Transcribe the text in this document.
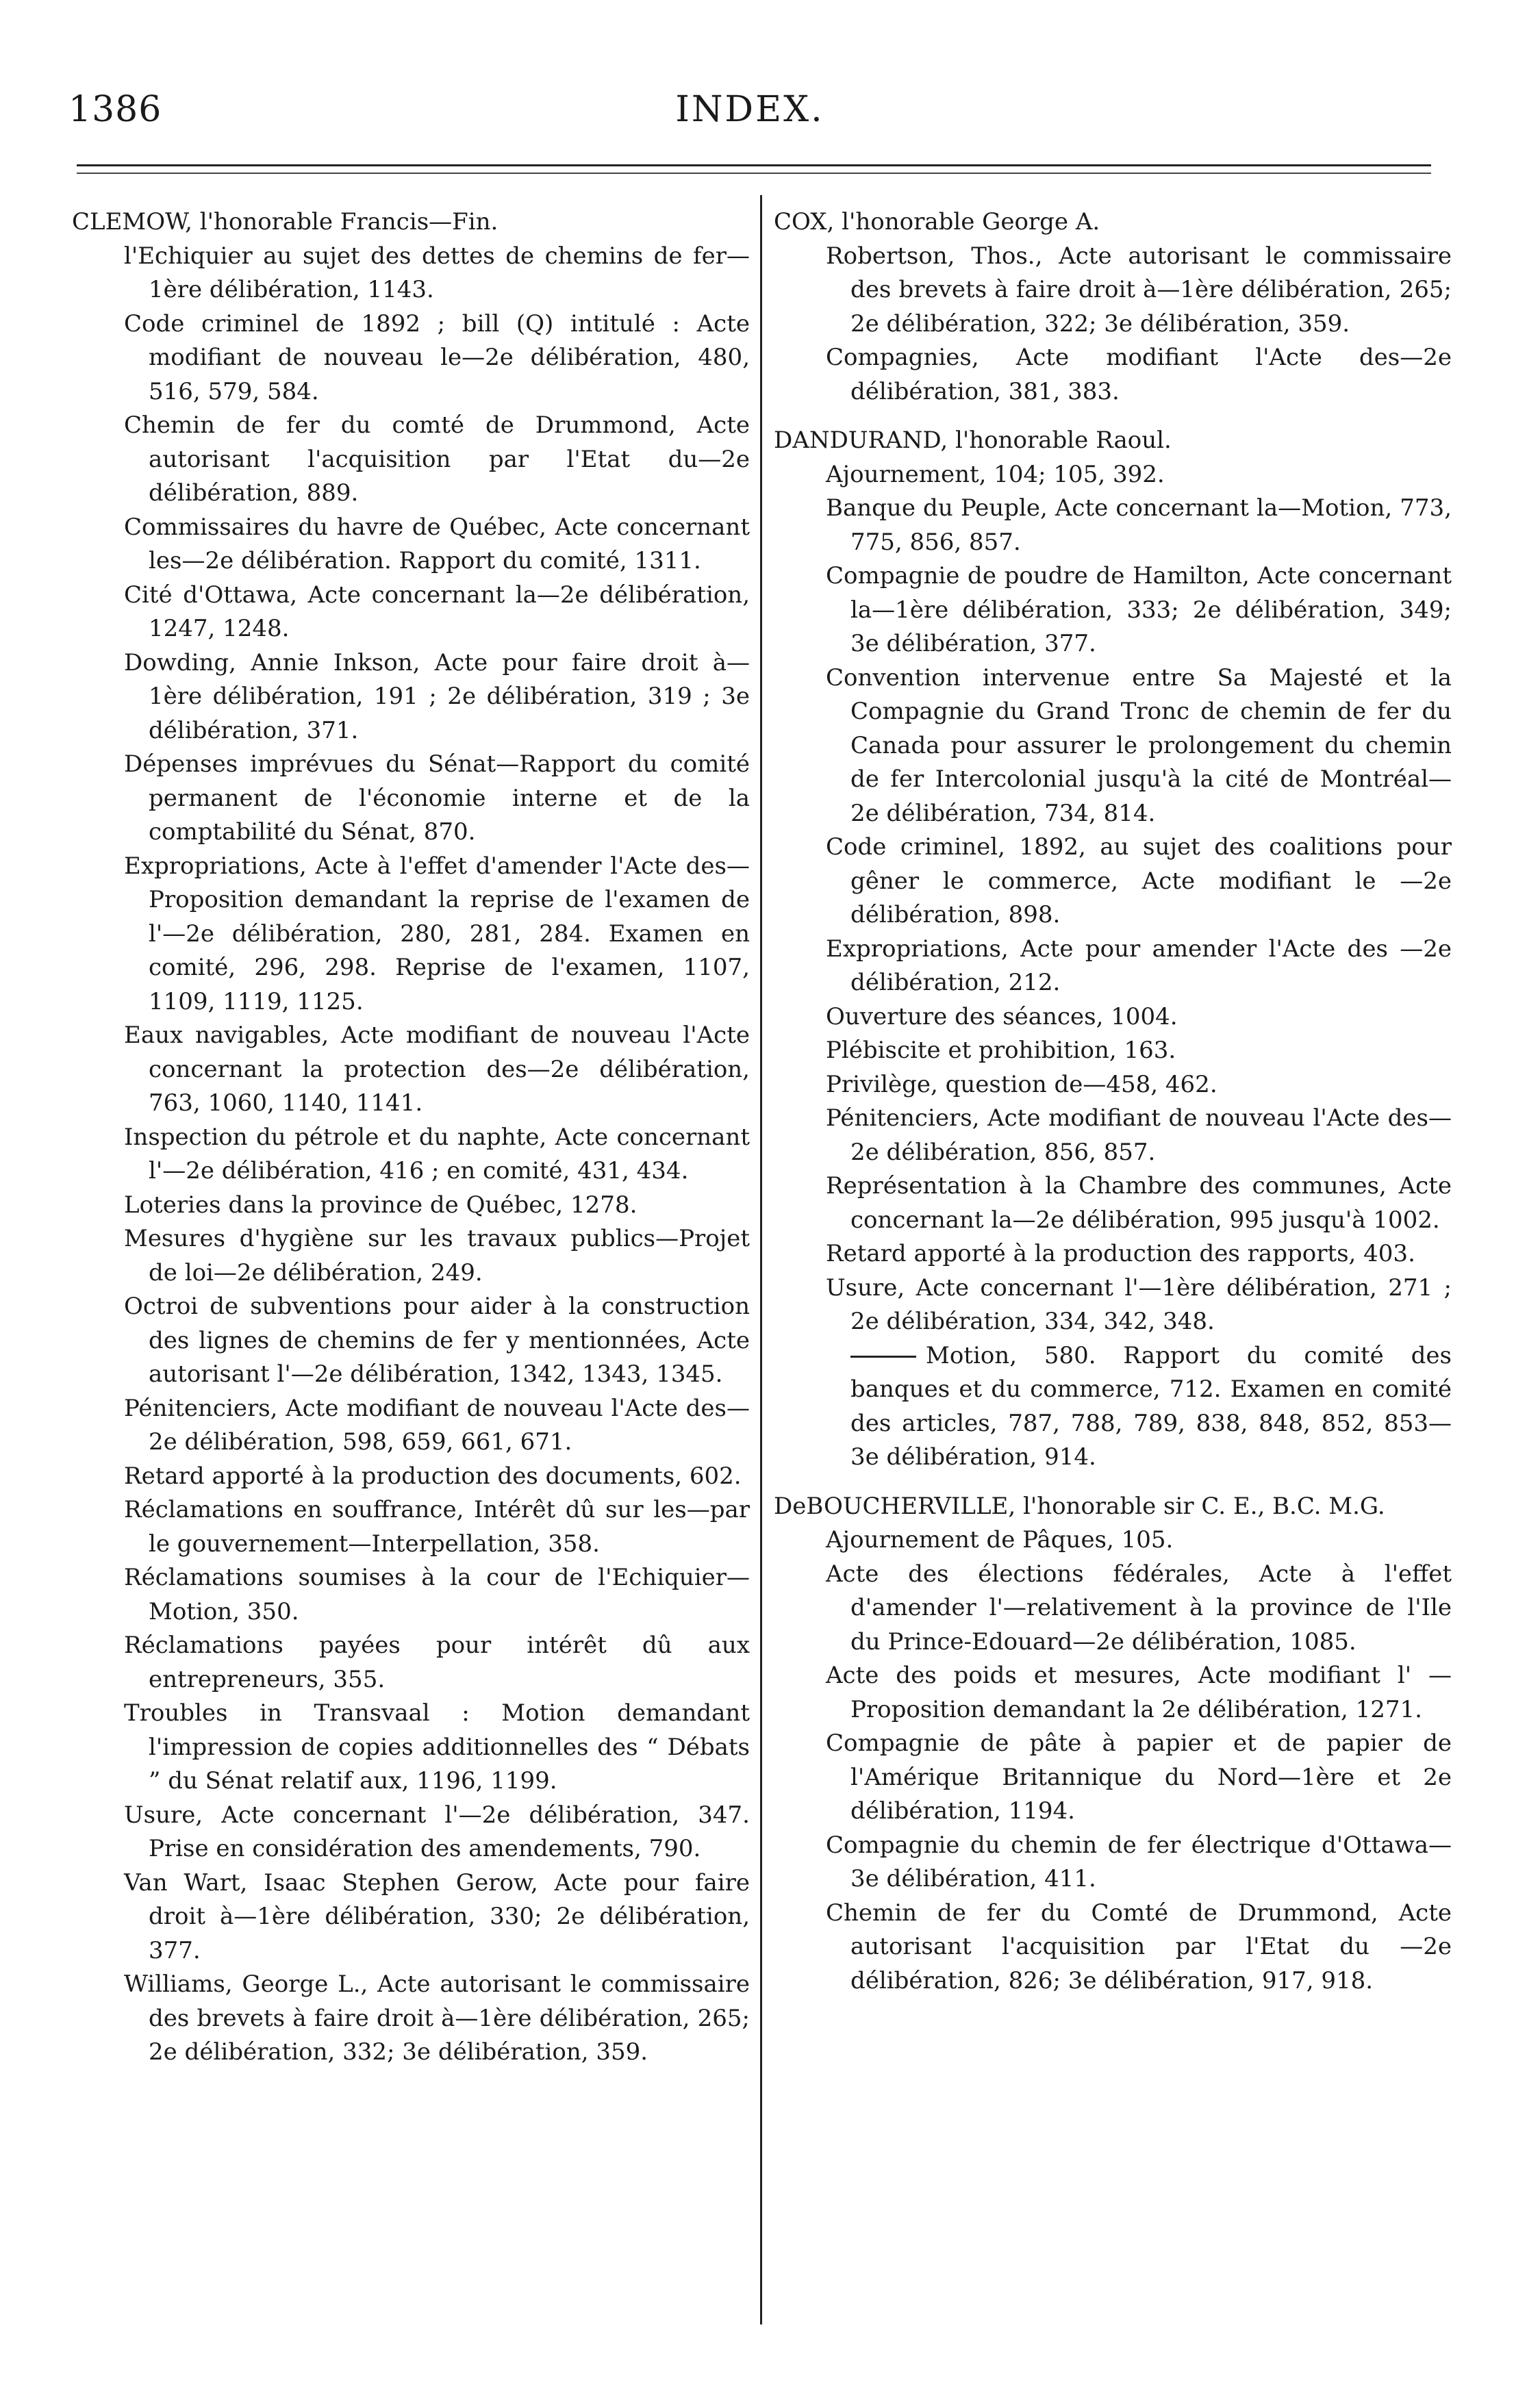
1386	INDEX.
CLEMOW, l'honorable Francis—Fin.
l'Echiquier au sujet des dettes de chemins de fer—1ère délibération, 1143.
Code criminel de 1892 ; bill (Q) intitulé : Acte modifiant de nouveau le—2e délibération, 480, 516, 579, 584.
Chemin de fer du comté de Drummond, Acte autorisant l'acquisition par l'Etat du—2e délibération, 889.
Commissaires du havre de Québec, Acte concernant les—2e délibération. Rapport du comité, 1311.
Cité d'Ottawa, Acte concernant la—2e délibération, 1247, 1248.
Dowding, Annie Inkson, Acte pour faire droit à—1ère délibération, 191 ; 2e délibération, 319 ; 3e délibération, 371.
Dépenses imprévues du Sénat—Rapport du comité permanent de l'économie interne et de la comptabilité du Sénat, 870.
Expropriations, Acte à l'effet d'amender l'Acte des—Proposition demandant la reprise de l'examen de l'—2e délibération, 280, 281, 284. Examen en comité, 296, 298. Reprise de l'examen, 1107, 1109, 1119, 1125.
Eaux navigables, Acte modifiant de nouveau l'Acte concernant la protection des—2e délibération, 763, 1060, 1140, 1141.
Inspection du pétrole et du naphte, Acte concernant l'—2e délibération, 416 ; en comité, 431, 434.
Loteries dans la province de Québec, 1278.
Mesures d'hygiène sur les travaux publics—Projet de loi—2e délibération, 249.
Octroi de subventions pour aider à la construction des lignes de chemins de fer y mentionnées, Acte autorisant l'—2e délibération, 1342, 1343, 1345.
Pénitenciers, Acte modifiant de nouveau l'Acte des—2e délibération, 598, 659, 661, 671.
Retard apporté à la production des documents, 602.
Réclamations en souffrance, Intérêt dû sur les—par le gouvernement—Interpellation, 358.
Réclamations soumises à la cour de l'Echiquier—Motion, 350.
Réclamations payées pour intérêt dû aux entrepreneurs, 355.
Troubles in Transvaal : Motion demandant l'impression de copies additionnelles des “ Débats ” du Sénat relatif aux, 1196, 1199.
Usure, Acte concernant l'—2e délibération, 347. Prise en considération des amendements, 790.
Van Wart, Isaac Stephen Gerow, Acte pour faire droit à—1ère délibération, 330; 2e délibération, 377.
Williams, George L., Acte autorisant le commissaire des brevets à faire droit à—1ère délibération, 265; 2e délibération, 332; 3e délibération, 359.
COX, l'honorable George A.
Robertson, Thos., Acte autorisant le commissaire des brevets à faire droit à—1ère délibération, 265; 2e délibération, 322; 3e délibération, 359.
Compagnies, Acte modifiant l'Acte des—2e délibération, 381, 383.
DANDURAND, l'honorable Raoul.
Ajournement, 104; 105, 392.
Banque du Peuple, Acte concernant la—Motion, 773, 775, 856, 857.
Compagnie de poudre de Hamilton, Acte concernant la—1ère délibération, 333; 2e délibération, 349; 3e délibération, 377.
Convention intervenue entre Sa Majesté et la Compagnie du Grand Tronc de chemin de fer du Canada pour assurer le prolongement du chemin de fer Intercolonial jusqu'à la cité de Montréal—2e délibération, 734, 814.
Code criminel, 1892, au sujet des coalitions pour gêner le commerce, Acte modifiant le —2e délibération, 898.
Expropriations, Acte pour amender l'Acte des —2e délibération, 212.
Ouverture des séances, 1004.
Plébiscite et prohibition, 163.
Privilège, question de—458, 462.
Pénitenciers, Acte modifiant de nouveau l'Acte des—2e délibération, 856, 857.
Représentation à la Chambre des communes, Acte concernant la—2e délibération, 995 jusqu'à 1002.
Retard apporté à la production des rapports, 403.
Usure, Acte concernant l'—1ère délibération, 271 ; 2e délibération, 334, 342, 348.
Motion, 580. Rapport du comité des banques et du commerce, 712. Examen en comité des articles, 787, 788, 789, 838, 848, 852, 853—3e délibération, 914.
DeBOUCHERVILLE, l'honorable sir C. E., B.C. M.G.
Ajournement de Pâques, 105.
Acte des élections fédérales, Acte à l'effet d'amender l'—relativement à la province de l'Ile du Prince-Edouard—2e délibération, 1085.
Acte des poids et mesures, Acte modifiant l' —Proposition demandant la 2e délibération, 1271.
Compagnie de pâte à papier et de papier de l'Amérique Britannique du Nord—1ère et 2e délibération, 1194.
Compagnie du chemin de fer électrique d'Ottawa—3e délibération, 411.
Chemin de fer du Comté de Drummond, Acte autorisant l'acquisition par l'Etat du —2e délibération, 826; 3e délibération, 917, 918.
